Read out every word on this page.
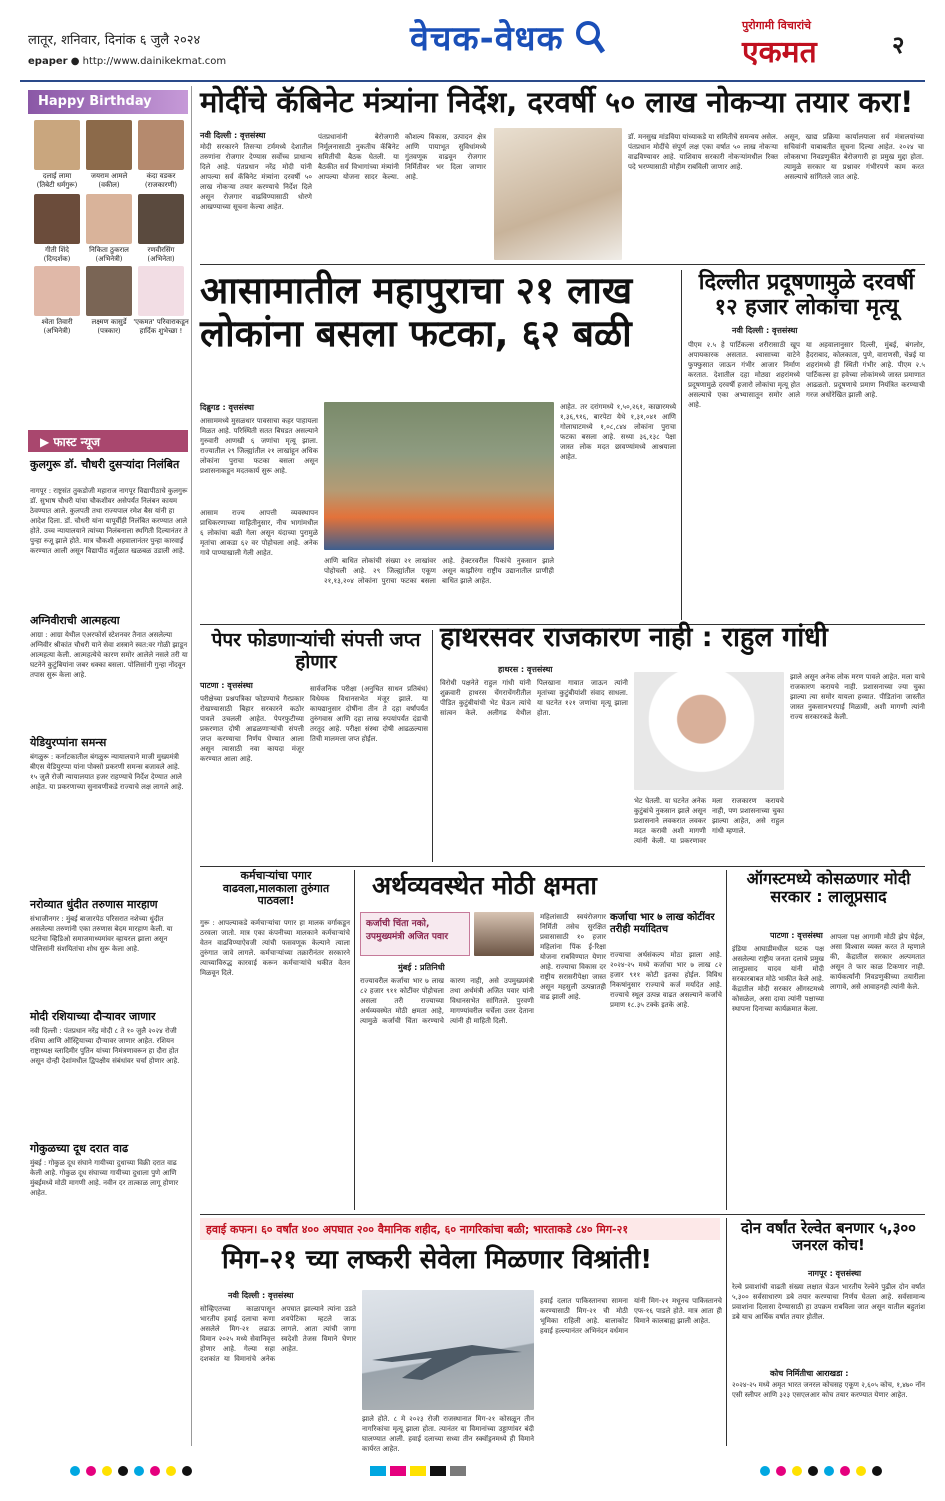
लातूर, शनिवार, दिनांक ६ जुलै २०२४
epaper ● http://www.dainikekmat.com
वेचक-वेधक	पुरोगामी विचारांचे
एकमत	२
Happy Birthday
दलाई लामा
(तिबेटी धर्मगुरू)
जयराम आमले
(वकील)
कंदा वडकर
(राजकारणी)
गीती शिंदे
(दिग्दर्शक)
निकिता ठुकराल
(अभिनेत्री)
रणवीरसिंग
(अभिनेता)
श्वेता तिवारी
(अभिनेत्री)
लक्ष्मण कासुर्डे
(पत्रकार)
'एकमत' परिवाराकडून हार्दिक शुभेच्छा !
▶ फास्ट न्यूज
कुलगुरू डॉ. चौधरी दुसऱ्यांदा निलंबित
नागपूर : राष्ट्रसंत तुकडोजी महाराज नागपूर विद्यापीठाचे कुलगुरू डॉ. सुभाष चौधरी यांचा चौकशीवर असेपर्यंत निलंबन कायम ठेवण्यात आले. कुलपती तथा राज्यपाल रमेश बैस यांनी हा आदेश दिला. डॉ. चौधरी यांना यापूर्वीही निलंबित करण्यात आले होते. उच्च न्यायालयाने त्यांच्या निलंबनाला स्थगिती दिल्यानंतर ते पुन्हा रुजू झाले होते. मात्र चौकशी अहवालानंतर पुन्हा कारवाई करण्यात आली असून विद्यापीठ वर्तुळात खळबळ उडाली आहे.
अग्निवीराची आत्महत्या
आग्रा : आग्रा येथील एअरफोर्स स्टेशनवर तैनात असलेल्या अग्निवीर श्रीकांत चौधरी याने सेवा शस्त्राने स्वत:वर गोळी झाडून आत्महत्या केली. आत्महत्येचे कारण समोर आलेले नसले तरी या घटनेने कुटुंबियांना जबर धक्का बसला. पोलिसांनी गुन्हा नोंदवून तपास सुरू केला आहे.
येडियुरप्पांना समन्स
बंगळुरू : कर्नाटकातील बंगळुरू न्यायालयाने माजी मुख्यमंत्री बीएस येडियुरप्पा यांना पोक्सो प्रकरणी समन्स बजावले आहे. १५ जुलै रोजी न्यायालयात हजर राहण्याचे निर्देश देण्यात आले आहेत. या प्रकरणाच्या सुनावणीकडे राज्याचे लक्ष लागले आहे.
नरोव्यात धुंदीत तरुणास मारहाण
संभाजीनगर : मुंबई बाजारपेठ परिसरात नशेच्या धुंदीत असलेल्या तरुणांनी एका तरुणास बेदम मारहाण केली. या घटनेचा व्हिडिओ समाजमाध्यमांवर व्हायरल झाला असून पोलिसांनी संशयितांचा शोध सुरू केला आहे.
मोदी रशियाच्या दौऱ्यावर जाणार
नवी दिल्ली : पंतप्रधान नरेंद्र मोदी ८ ते १० जुलै २०२४ रोजी रशिया आणि ऑस्ट्रियाच्या दौऱ्यावर जाणार आहेत. रशियन राष्ट्राध्यक्ष व्लादिमीर पुतिन यांच्या निमंत्रणावरून हा दौरा होत असून दोन्ही देशांमधील द्विपक्षीय संबंधांवर चर्चा होणार आहे.
गोकुळच्या दूध दरात वाढ
मुंबई : गोकुळ दूध संघाने गायीच्या दुधाच्या विक्री दरात वाढ केली आहे. गोकुळ दूध संघाच्या गायीच्या दुधाला पुणे आणि मुंबईमध्ये मोठी मागणी आहे. नवीन दर तात्काळ लागू होणार आहेत.
मोदींचे कॅबिनेट मंत्र्यांना निर्देश, दरवर्षी ५० लाख नोकऱ्या तयार करा!
नवी दिल्ली : वृत्तसंस्था
मोदी सरकारने तिसऱ्या टर्ममध्ये देशातील तरुणांना रोजगार देण्यास सर्वोच्च प्राधान्य दिले आहे. पंतप्रधान नरेंद्र मोदी यांनी आपल्या सर्व कॅबिनेट मंत्र्यांना दरवर्षी ५० लाख नोकऱ्या तयार करण्याचे निर्देश दिले असून रोजगार वाढविण्यासाठी धोरणे आखण्याच्या सूचना केल्या आहेत.
पंतप्रधानांनी बेरोजगारी निर्मूलनासाठी नुकतीच कॅबिनेट समितीची बैठक घेतली. या बैठकीत सर्व विभागांच्या मंत्र्यांनी आपल्या योजना सादर केल्या. कौशल्य विकास, उत्पादन क्षेत्र आणि पायाभूत सुविधांमध्ये गुंतवणूक वाढवून रोजगार निर्मितीवर भर दिला जाणार आहे.
डॉ. मनसुख मांडविया यांच्याकडे या समितीचे समन्वय असेल. पंतप्रधान मोदींचे संपूर्ण लक्ष एका वर्षात ५० लाख नोकऱ्या वाढविण्यावर आहे. याशिवाय सरकारी नोकऱ्यांमधील रिक्त पदे भरण्यासाठी मोहीम राबविली जाणार आहे.
असून, खाद्य प्रक्रिया कार्यालयाला सर्व मंत्रालयांच्या सचिवांनी याबाबतीत सूचना दिल्या आहेत. २०२४ चा लोकसभा निवडणुकीत बेरोजगारी हा प्रमुख मुद्दा होता. त्यामुळे सरकार या प्रश्नावर गंभीरपणे काम करत असल्याचे सांगितले जात आहे.
आसामातील महापुराचा २१ लाख लोकांना बसला फटका, ६२ बळी
दिब्रुगड : वृत्तसंस्था
आसाममध्ये मुसळधार पावसाचा कहर पाहायला मिळत आहे. परिस्थिती सतत बिघडत असल्याने गुरुवारी आणखी ६ जणांचा मृत्यू झाला. राज्यातील २९ जिल्ह्यांतील २१ लाखांहून अधिक लोकांना पुराचा फटका बसला असून प्रशासनाकडून मदतकार्य सुरू आहे.
आसाम राज्य आपत्ती व्यवस्थापन प्राधिकरणाच्या माहितीनुसार, नीच भागांमधील ६ लोकांचा बळी गेला असून यंदाच्या पुरामुळे मृतांचा आकडा ६२ वर पोहोचला आहे. अनेक गावे पाण्याखाली गेली आहेत.
आणि बाधित लोकांची संख्या २१ लाखांवर पोहोचली आहे. २९ जिल्ह्यांतील एकूण २१,१३,२०४ लोकांना पुराचा फटका बसला आहे. हेक्टरवरील पिकांचे नुकसान झाले असून काझीरंगा राष्ट्रीय उद्यानातील प्राणीही बाधित झाले आहेत.
आहेत. तर दरांगमध्ये १,५०,२६१, काछारमध्ये १,३६,९१६, बारपेटा येथे १,३१,०४१ आणि गोलाघाटमध्ये १,०८,८४४ लोकांना पुराचा फटका बसला आहे. सध्या ३६,१३८ पेक्षा जास्त लोक मदत छावण्यांमध्ये आश्रयाला आहेत.
दिल्लीत प्रदूषणामुळे दरवर्षी १२ हजार लोकांचा मृत्यू
नवी दिल्ली : वृत्तसंस्था
पीएम २.५ हे पार्टिकल्स शरीरासाठी खूप अपायकारक असतात. श्वासाच्या वाटेने फुफ्फुसात जाऊन गंभीर आजार निर्माण करतात. देशातील दहा मोठ्या शहरांमध्ये प्रदूषणामुळे दरवर्षी हजारो लोकांचा मृत्यू होत असल्याचे एका अभ्यासातून समोर आले आहे.
या अहवालानुसार दिल्ली, मुंबई, बंगलोर, हैदराबाद, कोलकाता, पुणे, वाराणसी, चेन्नई या शहरांमध्ये ही स्थिती गंभीर आहे. पीएम २.५ पार्टिकल्स हा हवेच्या लोकांमध्ये जास्त प्रमाणात आढळतो. प्रदूषणाचे प्रमाण नियंत्रित करण्याची गरज अधोरेखित झाली आहे.
पेपर फोडणाऱ्यांची संपत्ती जप्त होणार
पाटणा : वृत्तसंस्था
परीक्षेच्या प्रश्नपत्रिका फोडण्याचे गैरप्रकार रोखण्यासाठी बिहार सरकारने कठोर पावले उचलली आहेत. पेपरफुटीच्या प्रकरणात दोषी आढळणाऱ्यांची संपत्ती जप्त करण्याचा निर्णय घेण्यात आला असून त्यासाठी नवा कायदा मंजूर करण्यात आला आहे.
सार्वजनिक परीक्षा (अनुचित साधन प्रतिबंध) विधेयक विधानसभेत मंजूर झाले. या कायद्यानुसार दोषींना तीन ते दहा वर्षांपर्यंत तुरुंगवास आणि दहा लाख रुपयांपर्यंत दंडाची तरतूद आहे. परीक्षा संस्था दोषी आढळल्यास तिची मालमत्ता जप्त होईल.
हाथरसवर राजकारण नाही : राहुल गांधी
हाथरस : वृत्तसंस्था
विरोधी पक्षनेते राहुल गांधी यांनी शुक्रवारी हाथरस चेंगराचेंगरीतील पीडित कुटुंबीयांची भेट घेऊन त्यांचे सांत्वन केले. अलीगढ येथील पिलखाना गावात जाऊन त्यांनी मृतांच्या कुटुंबीयांशी संवाद साधला. या घटनेत १२१ जणांचा मृत्यू झाला होता.
भेट घेतली. या घटनेत अनेक कुटुंबांचे नुकसान झाले असून प्रशासनाने लवकरात लवकर मदत करावी अशी मागणी त्यांनी केली. या प्रकरणावर मला राजकारण करायचे नाही, पण प्रशासनाच्या चुका झाल्या आहेत, असे राहुल गांधी म्हणाले.
झाले असून अनेक लोक मरण पावले आहेत. मला याचे राजकारण करायचे नाही. प्रशासनाच्या ज्या चुका झाल्या त्या समोर यायला हव्यात. पीडितांना जास्तीत जास्त नुकसानभरपाई मिळावी, अशी मागणी त्यांनी राज्य सरकारकडे केली.
कर्मचाऱ्यांचा पगार वाढवला,मालकाला तुरुंगात पाठवला!
गुरू : आपल्याकडे कर्मचाऱ्यांचा पगार हा मालक वर्गाकडून ठरवला जातो. मात्र एका कंपनीच्या मालकाने कर्मचाऱ्यांचे वेतन वाढविण्याऐवजी त्यांची फसवणूक केल्याने त्याला तुरुंगात जावे लागले. कर्मचाऱ्यांच्या तक्रारीनंतर सरकारने त्याच्याविरुद्ध कारवाई करून कर्मचाऱ्यांचे थकीत वेतन मिळवून दिले.
अर्थव्यवस्थेत मोठी क्षमता
कर्जाची चिंता नको, उपमुख्यमंत्री अजित पवार
मुंबई : प्रतिनिधी
राज्यावरील कर्जाचा भार ७ लाख ८२ हजार ९११ कोटींवर पोहोचला असला तरी राज्याच्या अर्थव्यवस्थेत मोठी क्षमता आहे, त्यामुळे कर्जाची चिंता करण्याचे कारण नाही, असे उपमुख्यमंत्री तथा अर्थमंत्री अजित पवार यांनी विधानसभेत सांगितले. पुरवणी मागण्यांवरील चर्चेला उत्तर देताना त्यांनी ही माहिती दिली.
महिलांसाठी स्वयंरोजगार निर्मिती तसेच सुरक्षित प्रवासासाठी १० हजार महिलांना पिंक ई-रिक्षा योजना राबविण्यात येणार आहे. राज्याचा विकास दर राष्ट्रीय सरासरीपेक्षा जास्त असून महसुली उत्पन्नातही वाढ झाली आहे.
कर्जाचा भार ७ लाख कोटींवर तरीही मर्यादितच
राज्याचा अर्थसंकल्प मोठा झाला आहे. २०२४-२५ मध्ये कर्जाचा भार ७ लाख ८२ हजार ९११ कोटी इतका होईल. विविध निकषांनुसार राज्याचे कर्ज मर्यादेत आहे. राज्याचे स्थूल उत्पन्न वाढत असल्याने कर्जाचे प्रमाण १८.३५ टक्के इतके आहे.
ऑगस्टमध्ये कोसळणार मोदी सरकार : लालूप्रसाद
पाटणा : वृत्तसंस्था
इंडिया आघाडीमधील घटक पक्ष असलेल्या राष्ट्रीय जनता दलाचे प्रमुख लालूप्रसाद यादव यांनी मोदी सरकारबाबत मोठे भाकीत केले आहे. केंद्रातील मोदी सरकार ऑगस्टमध्ये कोसळेल, असा दावा त्यांनी पक्षाच्या स्थापना दिनाच्या कार्यक्रमात केला.
आपला पक्ष आगामी मोठी झेप घेईल, असा विश्वास व्यक्त करत ते म्हणाले की, केंद्रातील सरकार अल्पमतात असून ते फार काळ टिकणार नाही. कार्यकर्त्यांनी निवडणुकीच्या तयारीला लागावे, असे आवाहनही त्यांनी केले.
हवाई कफन। ६० वर्षांत ४०० अपघात २०० वैमानिक शहीद, ६० नागरिकांचा बळी; भारताकडे ८४० मिग-२१
मिग-२१ च्या लष्करी सेवेला मिळणार विश्रांती!
नवी दिल्ली : वृत्तसंस्था
सोव्हिएतच्या काळापासून भारतीय हवाई दलाचा कणा असलेले मिग-२१ लढाऊ विमान २०२५ मध्ये सेवानिवृत्त होणार आहे. गेल्या सहा दशकांत या विमानांचे अनेक अपघात झाल्याने त्यांना उडते शवपेटिका म्हटले जाऊ लागले. आता त्यांची जागा स्वदेशी तेजस विमाने घेणार आहेत.
झाले होते. ८ मे २०२३ रोजी राजस्थानात मिग-२१ कोसळून तीन नागरिकांचा मृत्यू झाला होता. त्यानंतर या विमानांच्या उड्डाणांवर बंदी घालण्यात आली. हवाई दलाच्या सध्या तीन स्क्वॉड्रनमध्ये ही विमाने कार्यरत आहेत.
हवाई दलात पाकिस्तानचा सामना करण्यासाठी मिग-२१ ची मोठी भूमिका राहिली आहे. बालाकोट हवाई हल्ल्यानंतर अभिनंदन वर्धमान यांनी मिग-२१ मधूनच पाकिस्तानचे एफ-१६ पाडले होते. मात्र आता ही विमाने कालबाह्य झाली आहेत.
दोन वर्षांत रेल्वेत बनणार ५,३०० जनरल कोच!
नागपूर : वृत्तसंस्था
रेल्वे प्रवाशांची वाढती संख्या लक्षात घेऊन भारतीय रेल्वेने पुढील दोन वर्षांत ५,३०० सर्वसाधारण डबे तयार करण्याचा निर्णय घेतला आहे. सर्वसामान्य प्रवाशांना दिलासा देण्यासाठी हा उपक्रम राबविला जात असून यातील बहुतांश डबे याच आर्थिक वर्षात तयार होतील.
कोच निर्मितीचा आराखडा :
२०२४-२५ मध्ये अमृत भारत जनरल कोचसह एकूण २,६०५ कोच, १,४७० नॉन एसी स्लीपर आणि ३२३ एसएलआर कोच तयार करण्यात येणार आहेत.
